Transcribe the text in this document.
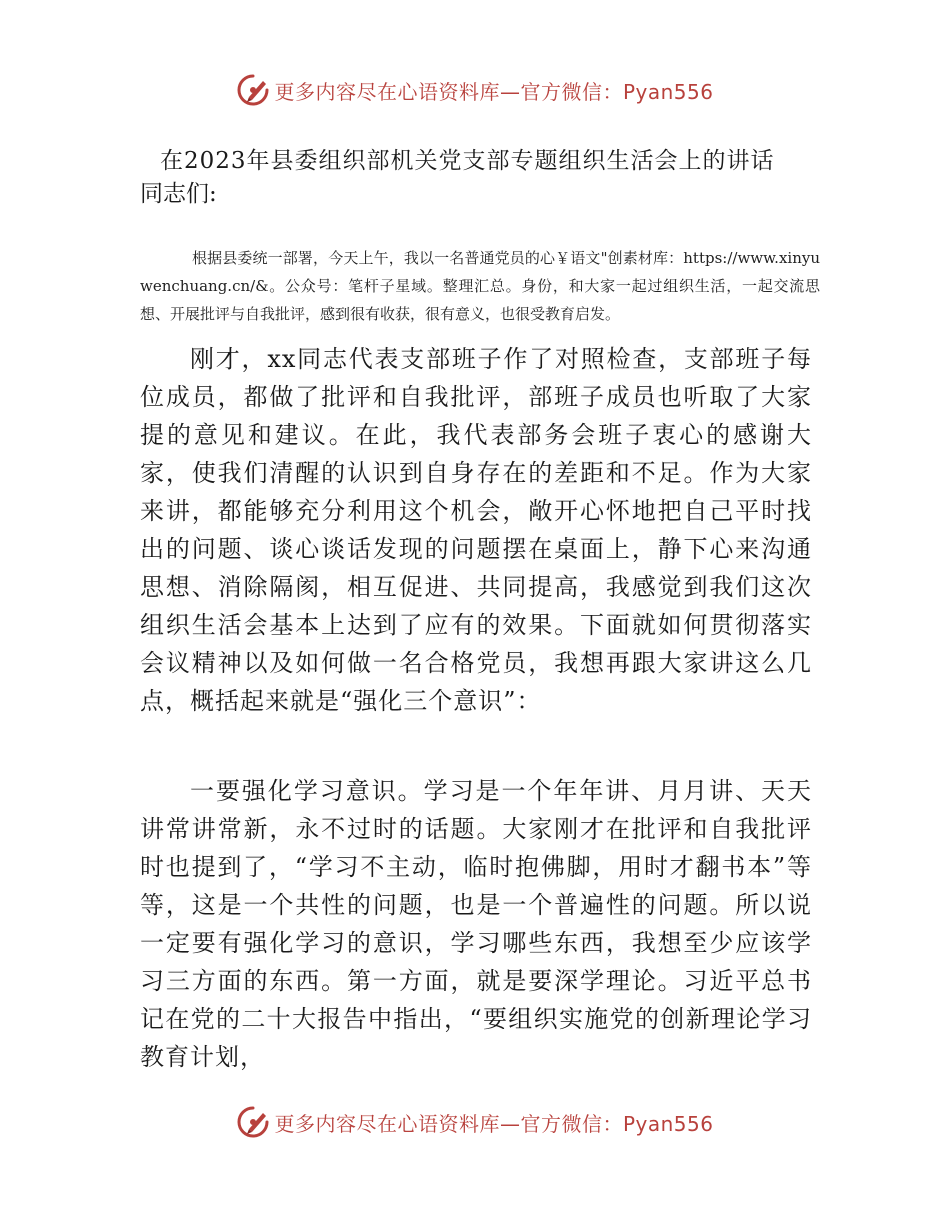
更多内容尽在心语资料库—官方微信：Pyan556
在2023年县委组织部机关党支部专题组织生活会上的讲话
同志们:

根据县委统一部署，今天上午，我以一名普通党员的心￥语文"创素材库：https://www.xinyuwenchuang.cn/&。公众号：笔杆子星域。整理汇总。身份，和大家一起过组织生活，一起交流思想、开展批评与自我批评，感到很有收获，很有意义，也很受教育启发。

刚才，xx同志代表支部班子作了对照检查，支部班子每位成员，都做了批评和自我批评，部班子成员也听取了大家提的意见和建议。在此，我代表部务会班子衷心的感谢大家，使我们清醒的认识到自身存在的差距和不足。作为大家来讲，都能够充分利用这个机会，敞开心怀地把自己平时找出的问题、谈心谈话发现的问题摆在桌面上，静下心来沟通思想、消除隔阂，相互促进、共同提高，我感觉到我们这次组织生活会基本上达到了应有的效果。下面就如何贯彻落实会议精神以及如何做一名合格党员，我想再跟大家讲这么几点，概括起来就是“强化三个意识”：

一要强化学习意识。学习是一个年年讲、月月讲、天天讲常讲常新，永不过时的话题。大家刚才在批评和自我批评时也提到了，“学习不主动，临时抱佛脚，用时才翻书本”等等，这是一个共性的问题，也是一个普遍性的问题。所以说一定要有强化学习的意识，学习哪些东西，我想至少应该学习三方面的东西。第一方面，就是要深学理论。习近平总书记在党的二十大报告中指出，“要组织实施党的创新理论学习教育计划，

更多内容尽在心语资料库—官方微信：Pyan556
